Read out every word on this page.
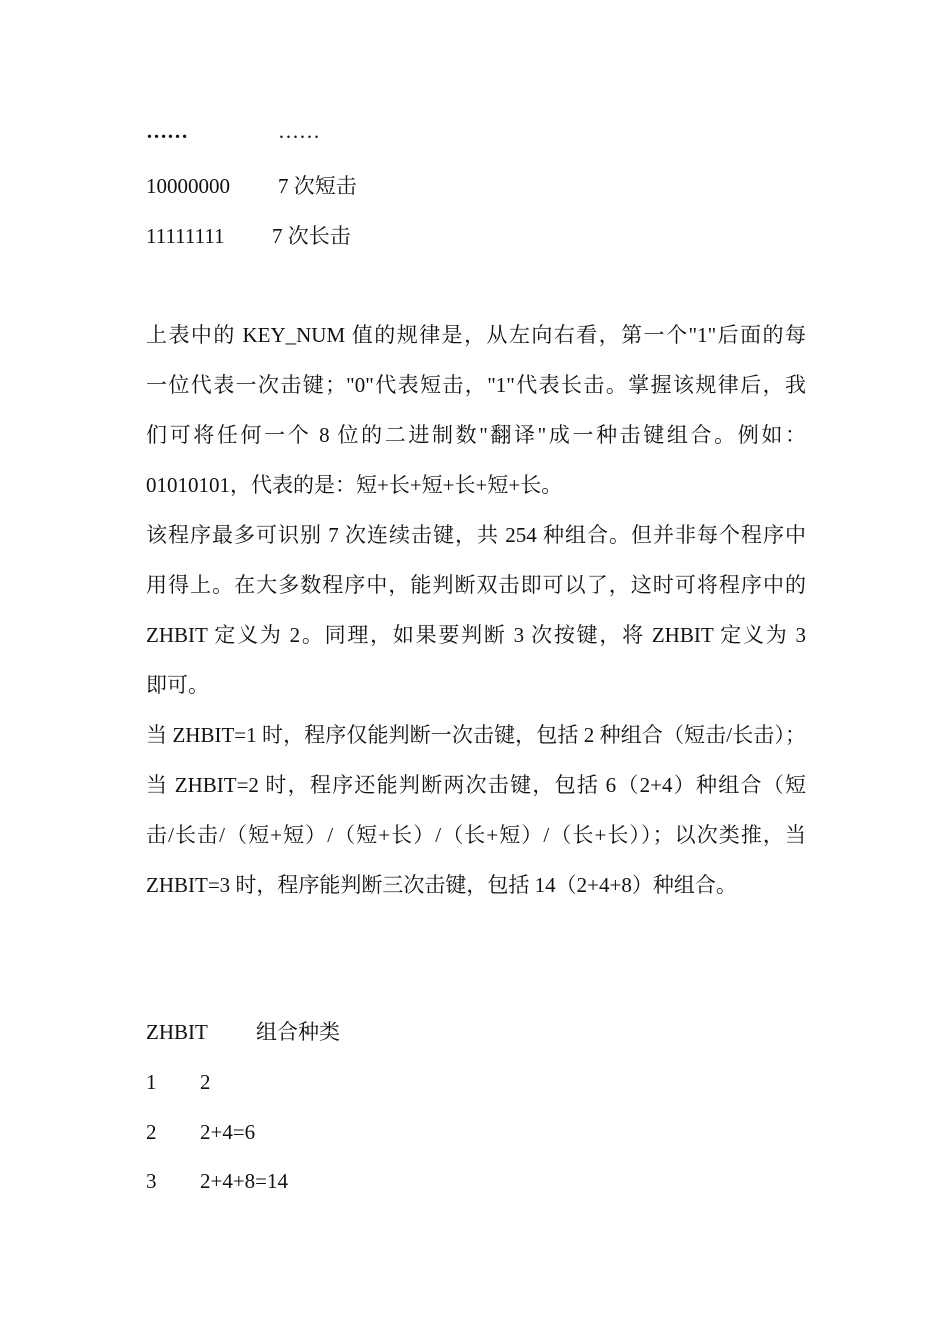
……	……
10000000 7 次短击
11111111 7 次长击
上表中的 KEY_NUM 值的规律是，从左向右看，第一个"1"后面的每
一位代表一次击键；"0"代表短击，"1"代表长击。掌握该规律后，我
们可将任何一个 8 位的二进制数"翻译"成一种击键组合。例如：
01010101，代表的是：短+长+短+长+短+长。
该程序最多可识别 7 次连续击键，共 254 种组合。但并非每个程序中
用得上。在大多数程序中，能判断双击即可以了，这时可将程序中的
ZHBIT 定义为 2。同理，如果要判断 3 次按键，将 ZHBIT 定义为 3
即可。
当 ZHBIT=1 时，程序仅能判断一次击键，包括 2 种组合（短击/长击）；
当 ZHBIT=2 时，程序还能判断两次击键，包括 6（2+4）种组合（短
击/长击/（短+短）/（短+长）/（长+短）/（长+长））；以次类推，当
ZHBIT=3 时，程序能判断三次击键，包括 14（2+4+8）种组合。
ZHBIT 组合种类
1 2
2 2+4=6
3 2+4+8=14
